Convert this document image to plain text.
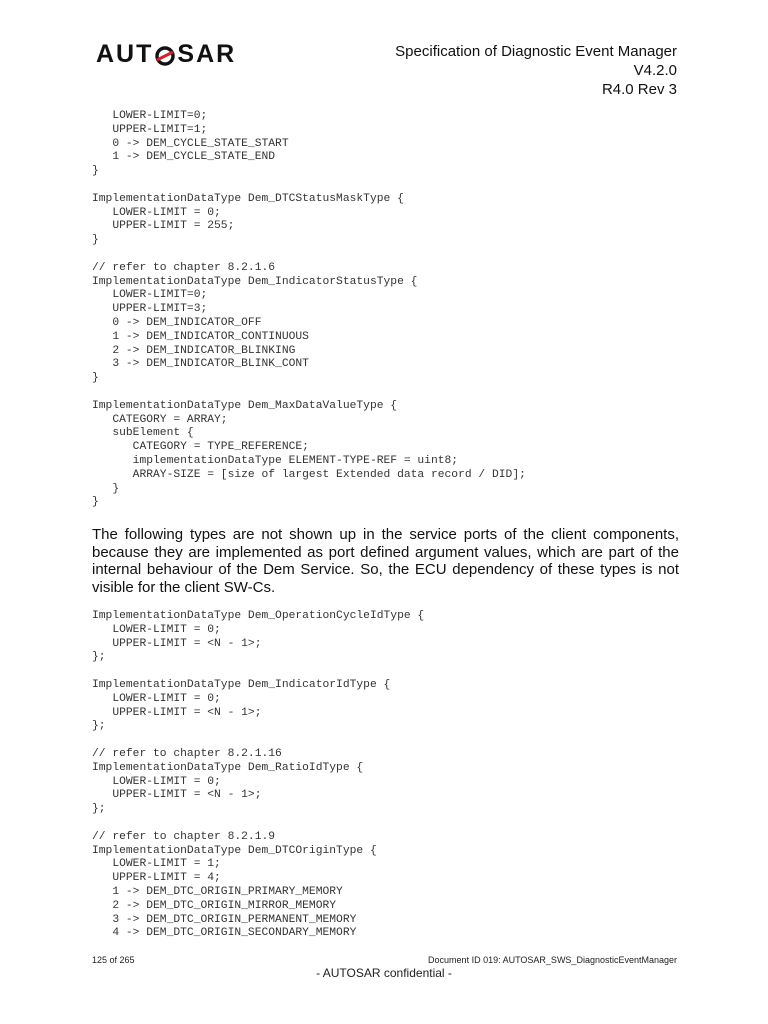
AUT SAR	Specification of Diagnostic Event Manager
V4.2.0
R4.0 Rev 3
LOWER-LIMIT=0;
UPPER-LIMIT=1;
0 -> DEM_CYCLE_STATE_START
1 -> DEM_CYCLE_STATE_END
}

ImplementationDataType Dem_DTCStatusMaskType {
LOWER-LIMIT = 0;
UPPER-LIMIT = 255;
}

// refer to chapter 8.2.1.6
ImplementationDataType Dem_IndicatorStatusType {
LOWER-LIMIT=0;
UPPER-LIMIT=3;
0 -> DEM_INDICATOR_OFF
1 -> DEM_INDICATOR_CONTINUOUS
2 -> DEM_INDICATOR_BLINKING
3 -> DEM_INDICATOR_BLINK_CONT
}

ImplementationDataType Dem_MaxDataValueType {
CATEGORY = ARRAY;
subElement {
CATEGORY = TYPE_REFERENCE;
implementationDataType ELEMENT-TYPE-REF = uint8;
ARRAY-SIZE = [size of largest Extended data record / DID];
}
}

The following types are not shown up in the service ports of the client components, because they are implemented as port defined argument values, which are part of the internal behaviour of the Dem Service. So, the ECU dependency of these types is not visible for the client SW-Cs.

ImplementationDataType Dem_OperationCycleIdType {
LOWER-LIMIT = 0;
UPPER-LIMIT = <N - 1>;
};

ImplementationDataType Dem_IndicatorIdType {
LOWER-LIMIT = 0;
UPPER-LIMIT = <N - 1>;
};

// refer to chapter 8.2.1.16
ImplementationDataType Dem_RatioIdType {
LOWER-LIMIT = 0;
UPPER-LIMIT = <N - 1>;
};

// refer to chapter 8.2.1.9
ImplementationDataType Dem_DTCOriginType {
LOWER-LIMIT = 1;
UPPER-LIMIT = 4;
1 -> DEM_DTC_ORIGIN_PRIMARY_MEMORY
2 -> DEM_DTC_ORIGIN_MIRROR_MEMORY
3 -> DEM_DTC_ORIGIN_PERMANENT_MEMORY
4 -> DEM_DTC_ORIGIN_SECONDARY_MEMORY
125 of 265	Document ID 019: AUTOSAR_SWS_DiagnosticEventManager
- AUTOSAR confidential -
